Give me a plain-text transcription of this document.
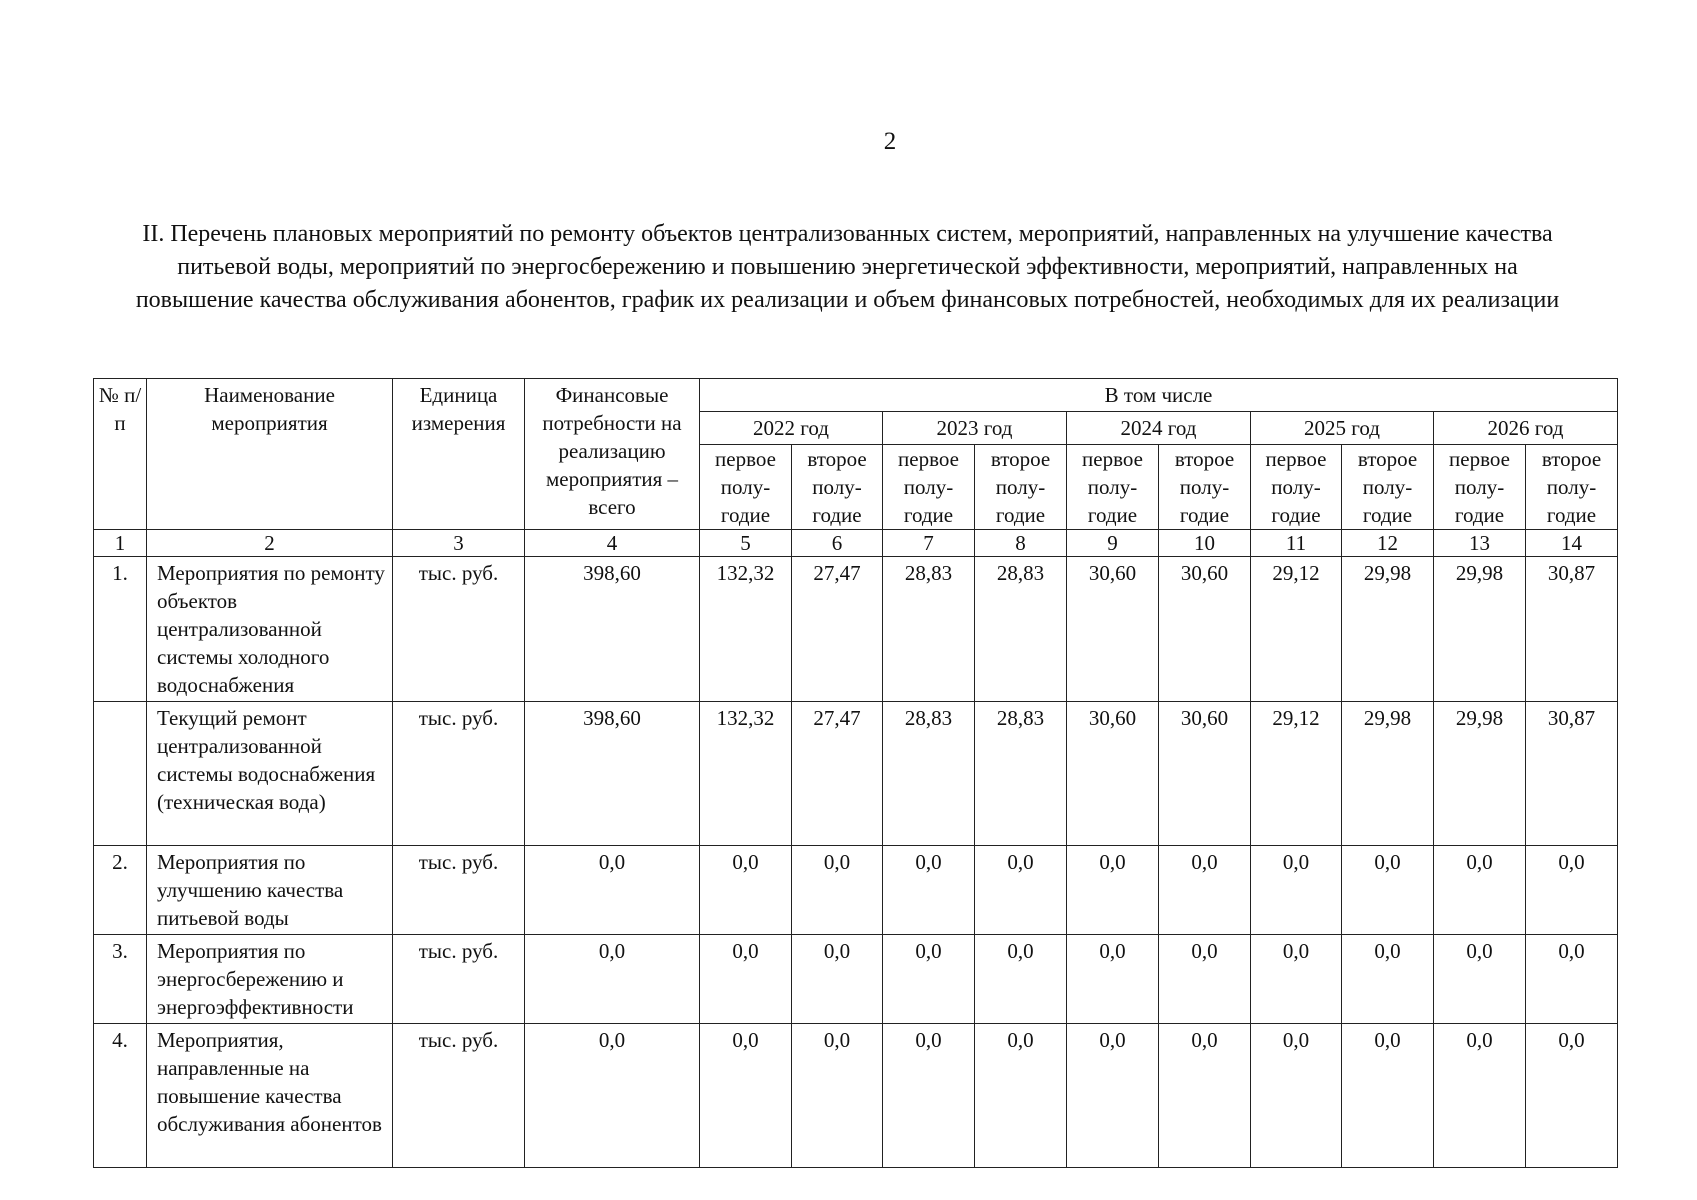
2
II. Перечень плановых мероприятий по ремонту объектов централизованных систем, мероприятий, направленных на улучшение качества питьевой воды, мероприятий по энергосбережению и повышению энергетической эффективности, мероприятий, направленных на повышение качества обслуживания абонентов, график их реализации и объем финансовых потребностей, необходимых для их реализации
№ п/п	Наименование мероприятия	Единица измерения	Финансовые потребности на реализацию мероприятия – всего	В том числе									
				2022 год		2023 год		2024 год		2025 год		2026 год	
				первое полу-годие	второе полу-годие	первое полу-годие	второе полу-годие	первое полу-годие	второе полу-годие	первое полу-годие	второе полу-годие	первое полу-годие	второе полу-годие
1	2	3	4	5	6	7	8	9	10	11	12	13	14
1.	Мероприятия по ремонту объектов централизованной системы холодного водоснабжения	тыс. руб.	398,60	132,32	27,47	28,83	28,83	30,60	30,60	29,12	29,98	29,98	30,87
	Текущий ремонт централизованной системы водоснабжения (техническая вода)	тыс. руб.	398,60	132,32	27,47	28,83	28,83	30,60	30,60	29,12	29,98	29,98	30,87
2.	Мероприятия по улучшению качества питьевой воды	тыс. руб.	0,0	0,0	0,0	0,0	0,0	0,0	0,0	0,0	0,0	0,0	0,0
3.	Мероприятия по энергосбережению и энергоэффективности	тыс. руб.	0,0	0,0	0,0	0,0	0,0	0,0	0,0	0,0	0,0	0,0	0,0
4.	Мероприятия, направленные на повышение качества обслуживания абонентов	тыс. руб.	0,0	0,0	0,0	0,0	0,0	0,0	0,0	0,0	0,0	0,0	0,0
